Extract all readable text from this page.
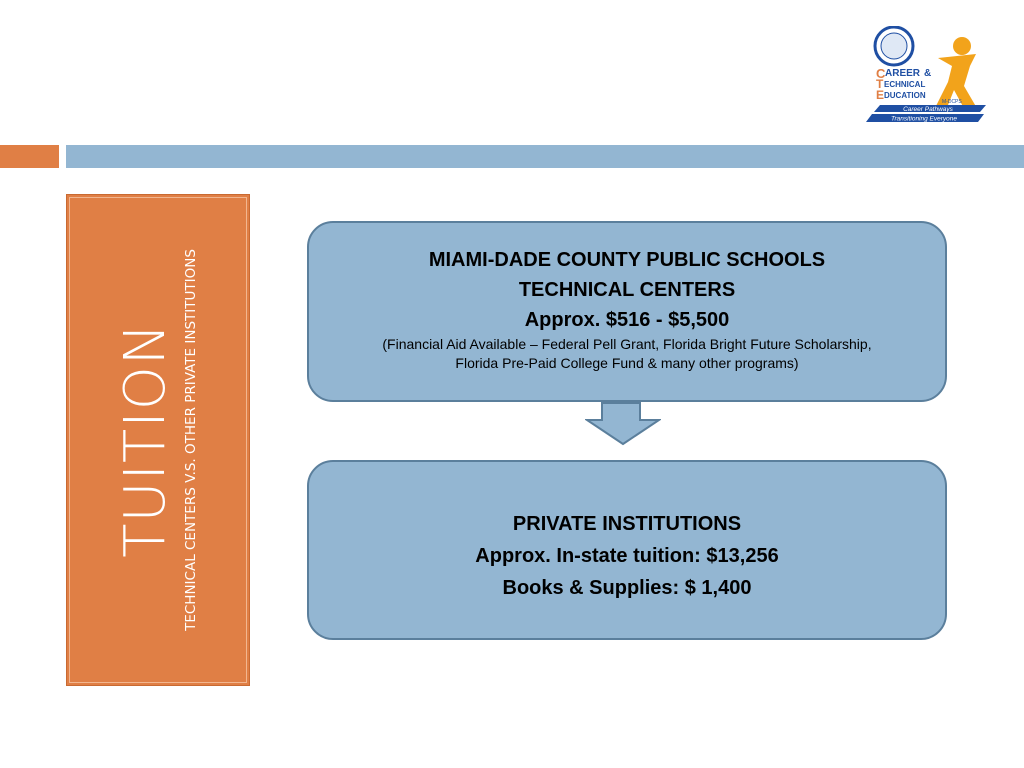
C AREER &
T ECHNICAL
E DUCATION
M-DCPS
Career Pathways
Transitioning Everyone
TUITION TECHNICAL CENTERS V.S. OTHER PRIVATE INSTITUTIONS	MIAMI-DADE COUNTY PUBLIC SCHOOLS
TECHNICAL CENTERS
Approx. $516 - $5,500
(Financial Aid Available – Federal Pell Grant, Florida Bright Future Scholarship,
Florida Pre-Paid College Fund & many other programs)
PRIVATE INSTITUTIONS
Approx. In-state tuition: $13,256
Books & Supplies: $ 1,400
